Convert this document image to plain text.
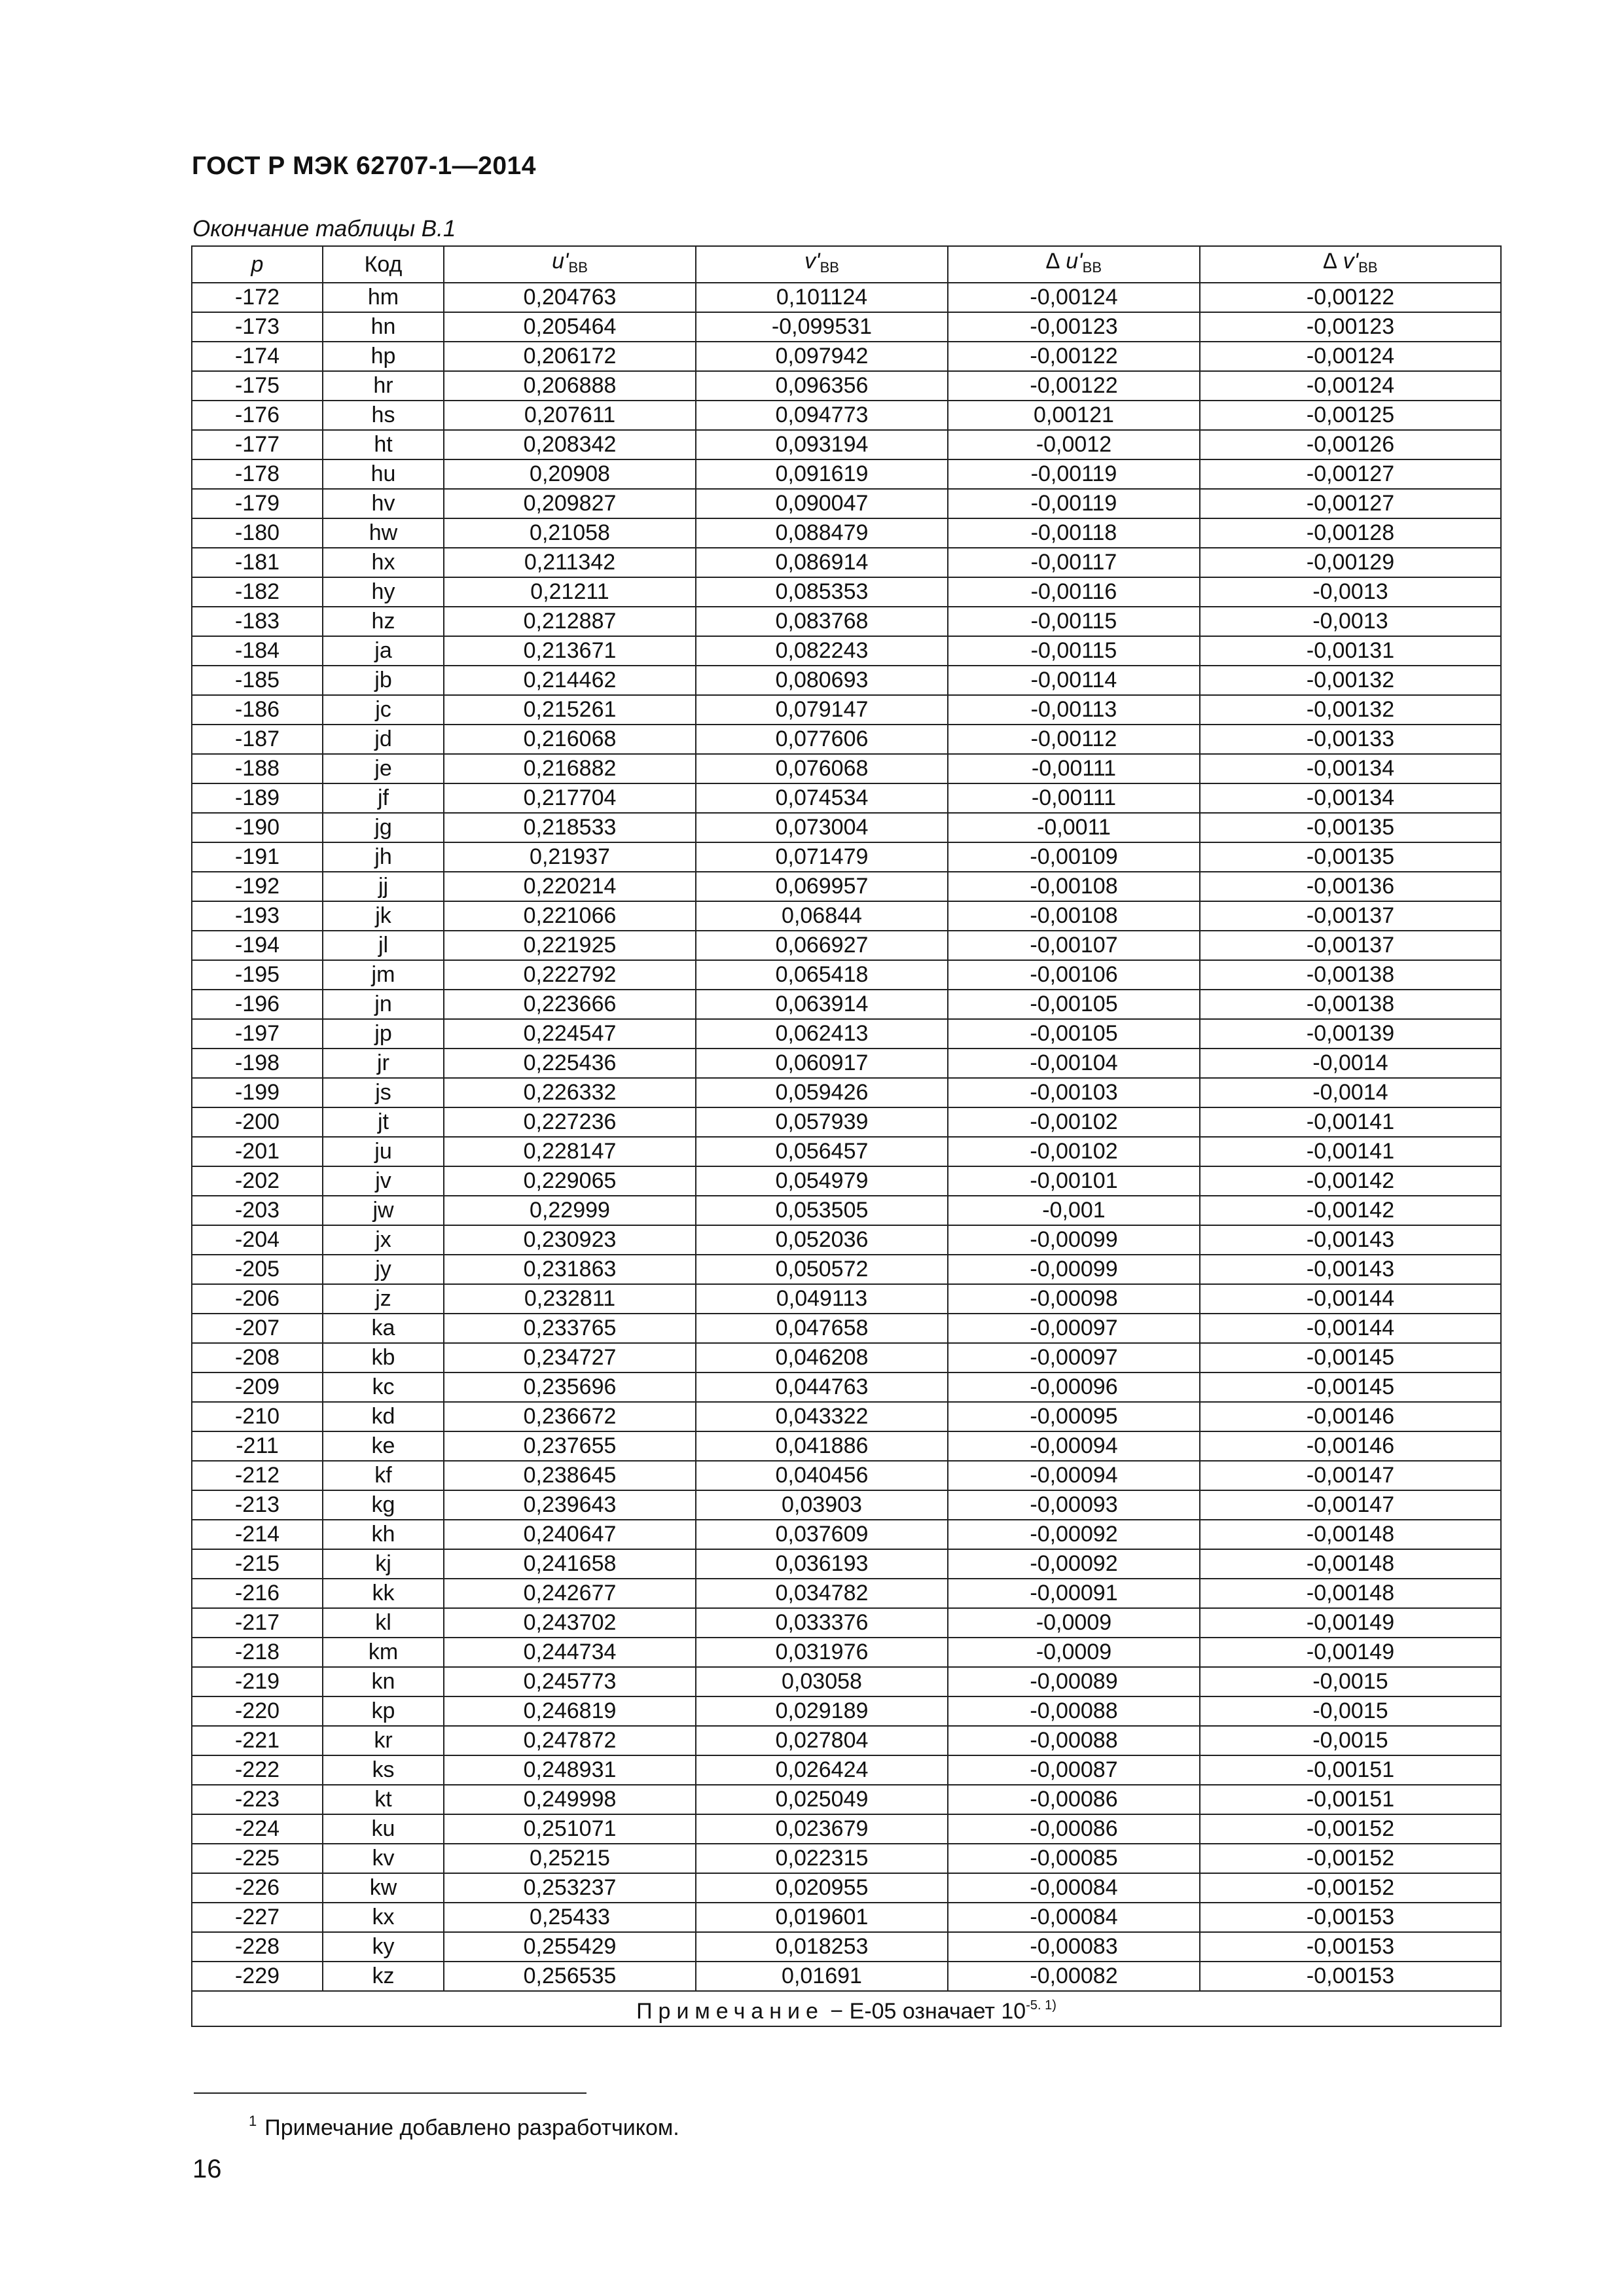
ГОСТ Р МЭК 62707-1—2014
Окончание таблицы B.1
p	Код	$u'_{BB}$	$v'_{BB}$	∆ $u'_{BB}$	∆ $v'_{BB}$
-172	hm	0,204763	0,101124	-0,00124	-0,00122
-173	hn	0,205464	-0,099531	-0,00123	-0,00123
-174	hp	0,206172	0,097942	-0,00122	-0,00124
-175	hr	0,206888	0,096356	-0,00122	-0,00124
-176	hs	0,207611	0,094773	0,00121	-0,00125
-177	ht	0,208342	0,093194	-0,0012	-0,00126
-178	hu	0,20908	0,091619	-0,00119	-0,00127
-179	hv	0,209827	0,090047	-0,00119	-0,00127
-180	hw	0,21058	0,088479	-0,00118	-0,00128
-181	hx	0,211342	0,086914	-0,00117	-0,00129
-182	hy	0,21211	0,085353	-0,00116	-0,0013
-183	hz	0,212887	0,083768	-0,00115	-0,0013
-184	ja	0,213671	0,082243	-0,00115	-0,00131
-185	jb	0,214462	0,080693	-0,00114	-0,00132
-186	jc	0,215261	0,079147	-0,00113	-0,00132
-187	jd	0,216068	0,077606	-0,00112	-0,00133
-188	je	0,216882	0,076068	-0,00111	-0,00134
-189	jf	0,217704	0,074534	-0,00111	-0,00134
-190	jg	0,218533	0,073004	-0,0011	-0,00135
-191	jh	0,21937	0,071479	-0,00109	-0,00135
-192	jj	0,220214	0,069957	-0,00108	-0,00136
-193	jk	0,221066	0,06844	-0,00108	-0,00137
-194	jl	0,221925	0,066927	-0,00107	-0,00137
-195	jm	0,222792	0,065418	-0,00106	-0,00138
-196	jn	0,223666	0,063914	-0,00105	-0,00138
-197	jp	0,224547	0,062413	-0,00105	-0,00139
-198	jr	0,225436	0,060917	-0,00104	-0,0014
-199	js	0,226332	0,059426	-0,00103	-0,0014
-200	jt	0,227236	0,057939	-0,00102	-0,00141
-201	ju	0,228147	0,056457	-0,00102	-0,00141
-202	jv	0,229065	0,054979	-0,00101	-0,00142
-203	jw	0,22999	0,053505	-0,001	-0,00142
-204	jx	0,230923	0,052036	-0,00099	-0,00143
-205	jy	0,231863	0,050572	-0,00099	-0,00143
-206	jz	0,232811	0,049113	-0,00098	-0,00144
-207	ka	0,233765	0,047658	-0,00097	-0,00144
-208	kb	0,234727	0,046208	-0,00097	-0,00145
-209	kc	0,235696	0,044763	-0,00096	-0,00145
-210	kd	0,236672	0,043322	-0,00095	-0,00146
-211	ke	0,237655	0,041886	-0,00094	-0,00146
-212	kf	0,238645	0,040456	-0,00094	-0,00147
-213	kg	0,239643	0,03903	-0,00093	-0,00147
-214	kh	0,240647	0,037609	-0,00092	-0,00148
-215	kj	0,241658	0,036193	-0,00092	-0,00148
-216	kk	0,242677	0,034782	-0,00091	-0,00148
-217	kl	0,243702	0,033376	-0,0009	-0,00149
-218	km	0,244734	0,031976	-0,0009	-0,00149
-219	kn	0,245773	0,03058	-0,00089	-0,0015
-220	kp	0,246819	0,029189	-0,00088	-0,0015
-221	kr	0,247872	0,027804	-0,00088	-0,0015
-222	ks	0,248931	0,026424	-0,00087	-0,00151
-223	kt	0,249998	0,025049	-0,00086	-0,00151
-224	ku	0,251071	0,023679	-0,00086	-0,00152
-225	kv	0,25215	0,022315	-0,00085	-0,00152
-226	kw	0,253237	0,020955	-0,00084	-0,00152
-227	kx	0,25433	0,019601	-0,00084	-0,00153
-228	ky	0,255429	0,018253	-0,00083	-0,00153
-229	kz	0,256535	0,01691	-0,00082	-0,00153
Примечание − E-05 означает $10^{-5. 1)}$
$^1$ Примечание добавлено разработчиком.
16
